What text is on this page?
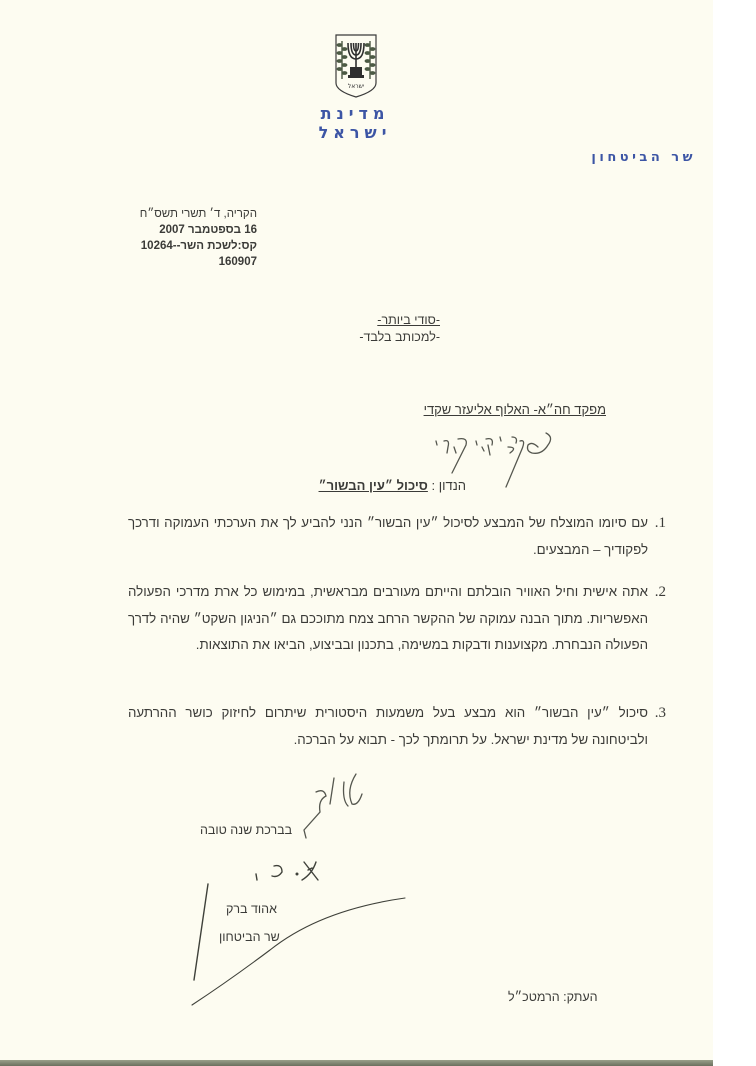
ישראל
מדינת ישראל
שר הביטחון
הקריה, ד׳ תשרי תשס״ח
16 בספטמבר 2007
קס:לשכת השר--10264
160907
-סודי ביותר-
-למכותב בלבד-
מפקד חה״א- האלוף אליעזר שקדי
הנדון : סיכול ״עין הבשור״
1.
עם סיומו המוצלח של המבצע לסיכול ״עין הבשור״ הנני להביע לך את הערכתי העמוקה ודרכך לפקודיך – המבצעים.
2.
אתה אישית וחיל האוויר הובלתם והייתם מעורבים מבראשית, במימוש כל ארת מדרכי הפעולה האפשריות. מתוך הבנה עמוקה של ההקשר הרחב צמח מתוככם גם ״הניגון השקט״ שהיה לדרך הפעולה הנבחרת. מקצוענות ודבקות במשימה, בתכנון ובביצוע, הביאו את התוצאות.
3.
סיכול ״עין הבשור״ הוא מבצע בעל משמעות היסטורית שיתרום לחיזוק כושר ההרתעה ולביטחונה של מדינת ישראל. על תרומתך לכך - תבוא על הברכה.
בברכת שנה טובה
אהוד ברק
שר הביטחון
העתק: הרמטכ״ל
